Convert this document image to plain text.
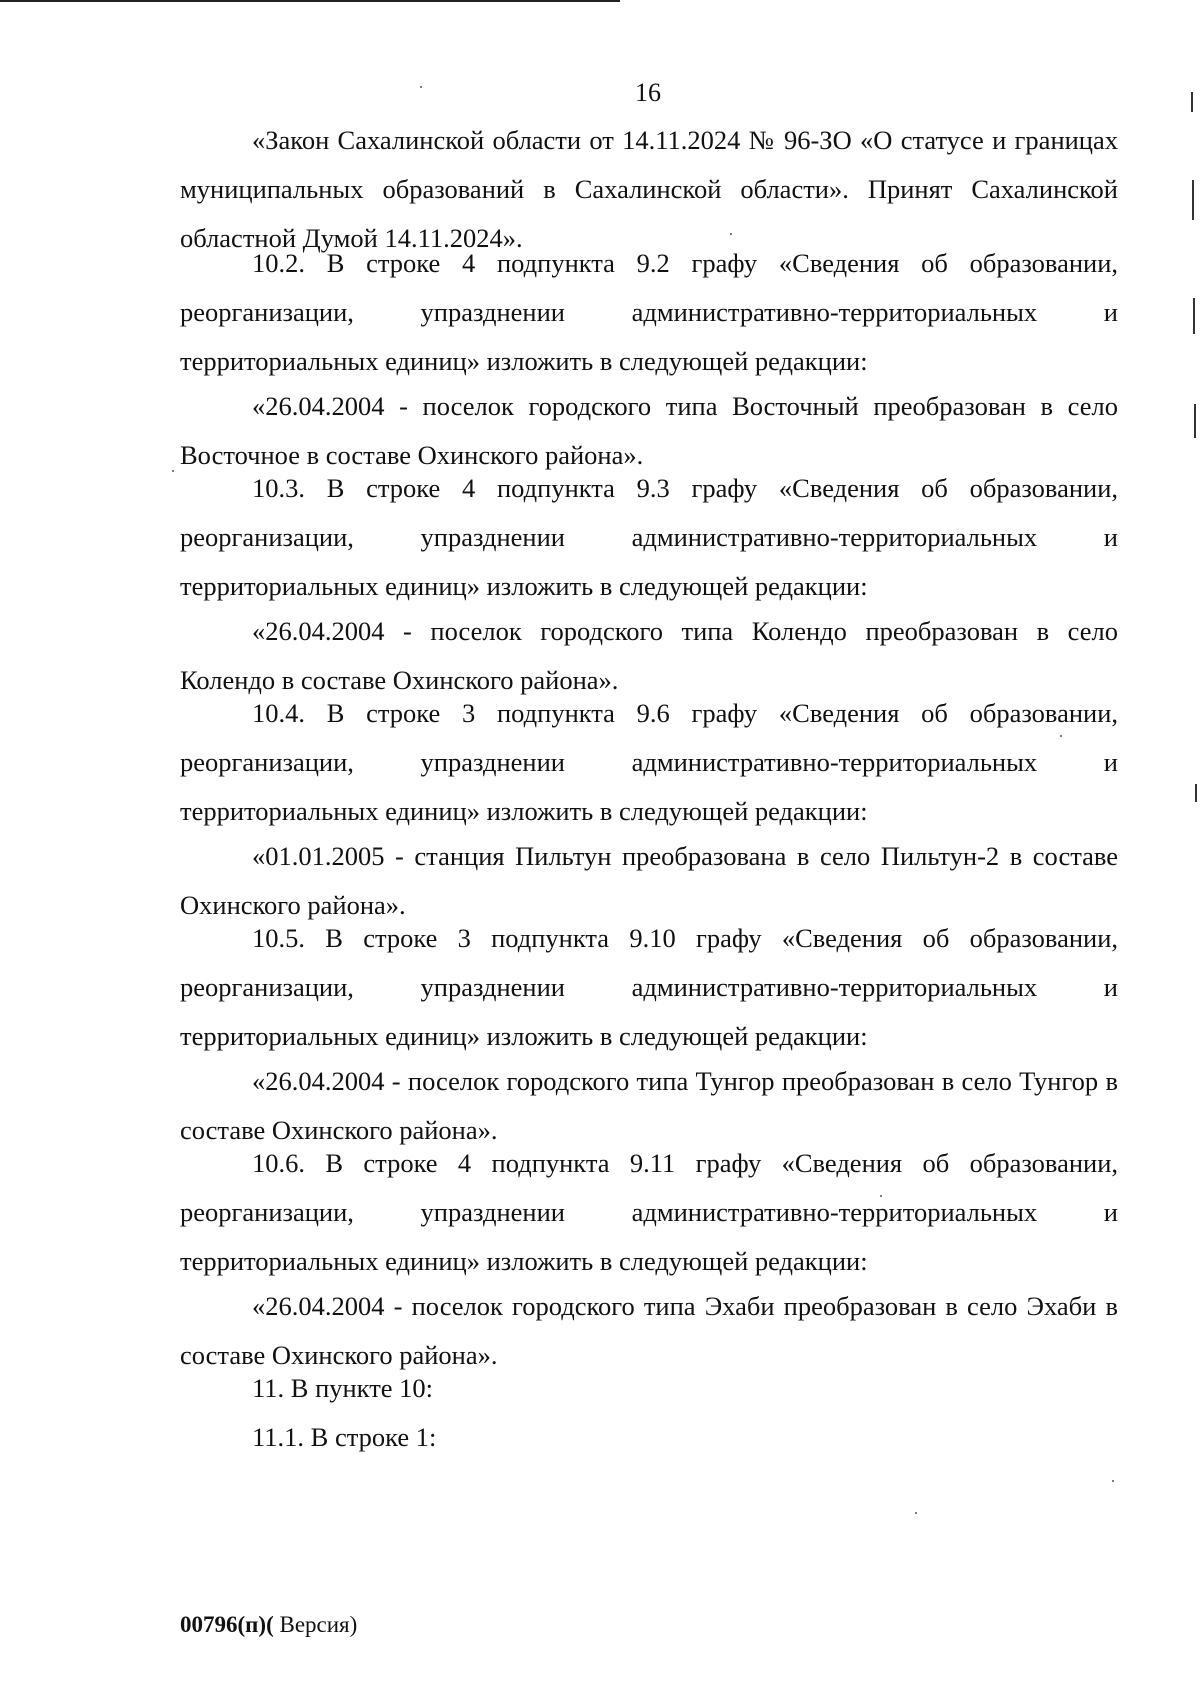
16

«Закон Сахалинской области от 14.11.2024 № 96-ЗО «О статусе и границах муниципальных образований в Сахалинской области». Принят Сахалинской областной Думой 14.11.2024».

10.2. В строке 4 подпункта 9.2 графу «Сведения об образовании, реорганизации, упразднении административно-территориальных и территориальных единиц» изложить в следующей редакции:

«26.04.2004 - поселок городского типа Восточный преобразован в село Восточное в составе Охинского района».

10.3. В строке 4 подпункта 9.3 графу «Сведения об образовании, реорганизации, упразднении административно-территориальных и территориальных единиц» изложить в следующей редакции:

«26.04.2004 - поселок городского типа Колендо преобразован в село Колендо в составе Охинского района».

10.4. В строке 3 подпункта 9.6 графу «Сведения об образовании, реорганизации, упразднении административно-территориальных и территориальных единиц» изложить в следующей редакции:

«01.01.2005 - станция Пильтун преобразована в село Пильтун-2 в составе Охинского района».

10.5. В строке 3 подпункта 9.10 графу «Сведения об образовании, реорганизации, упразднении административно-территориальных и территориальных единиц» изложить в следующей редакции:

«26.04.2004 - поселок городского типа Тунгор преобразован в село Тунгор в составе Охинского района».

10.6. В строке 4 подпункта 9.11 графу «Сведения об образовании, реорганизации, упразднении административно-территориальных и территориальных единиц» изложить в следующей редакции:

«26.04.2004 - поселок городского типа Эхаби преобразован в село Эхаби в составе Охинского района».

11. В пункте 10:

11.1. В строке 1:

00796(п)( Версия)
